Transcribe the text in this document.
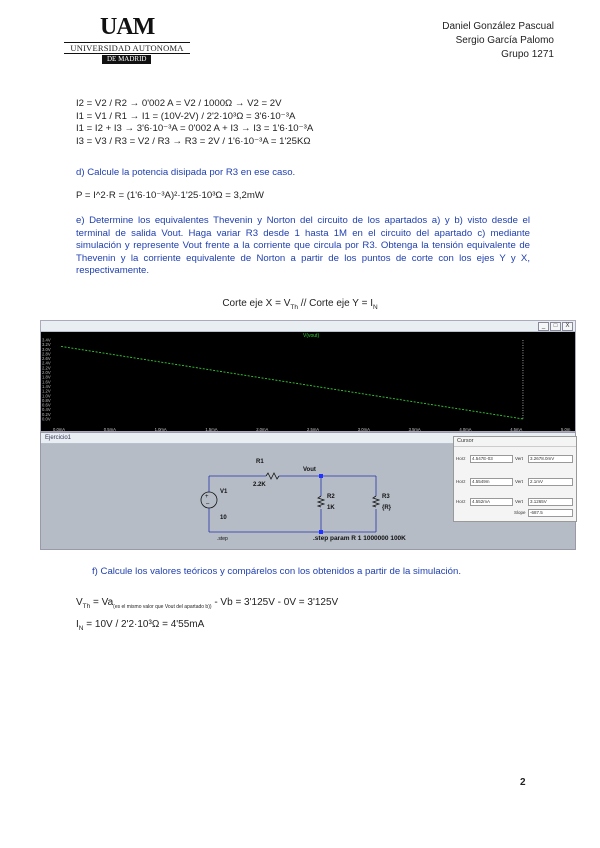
UAM
UNIVERSIDAD AUTONOMA
DE MADRID
Daniel González Pascual
Sergio García Palomo
Grupo 1271
I2 = V2 / R2 → 0'002 A = V2 / 1000Ω → V2 = 2V
I1 = V1 / R1 → I1 = (10V-2V) / 2'2·10³Ω = 3'6·10⁻³A
I1 = I2 + I3 → 3'6·10⁻³A = 0'002 A + I3 → I3 = 1'6·10⁻³A
I3 = V3 / R3 = V2 / R3 → R3 = 2V / 1'6·10⁻³A = 1'25KΩ
d) Calcule la potencia disipada por R3 en ese caso.
P = I^2·R = (1'6·10⁻³A)²·1'25·10³Ω = 3,2mW
e) Determine los equivalentes Thevenin y Norton del circuito de los apartados a) y b) visto desde el terminal de salida Vout. Haga variar R3 desde 1 hasta 1M en el circuito del apartado c) mediante simulación y represente Vout frente a la corriente que circula por R3. Obtenga la tensión equivalente de Thevenin y la corriente equivalente de Norton a partir de los puntos de corte con los ejes Y y X, respectivamente.
Corte eje $X = V_{Th}$ // Corte eje $Y = I_N$
_	□	X
3.4V
3.2V
3.0V
2.8V
2.6V
2.4V
2.2V
2.0V
1.8V
1.6V
1.4V
1.2V
1.0V
0.8V
0.6V
0.4V
0.2V
0.0V
V(vout)
0.0mA	0.5mA	1.0mA	1.5mA	2.0mA	2.5mA	3.0mA	3.5mA	4.0mA	4.5mA	5.0m
Ejercicio1
+
–
R1
2.2K
Vout
V1
10
R2
1K
R3
{R}
.step	.step param R 1 1000000 100K
Cursor
Horz	4.547E-03	Vert	3.2678.0mV
Horz	4.5549m	Vert	2.1mV
Horz	4.552mA	Vert	3.1265V
Slope -687.5
f) Calcule los valores teóricos y compárelos con los obtenidos a partir de la simulación.
$V_{Th} = Va_{(es el mismo valor que Vout del apartado b))} - Vb = 3'125V - 0V = 3'125V$
$I_N = 10V / 2'2\cdot 10^3\Omega = 4'55mA$
2
